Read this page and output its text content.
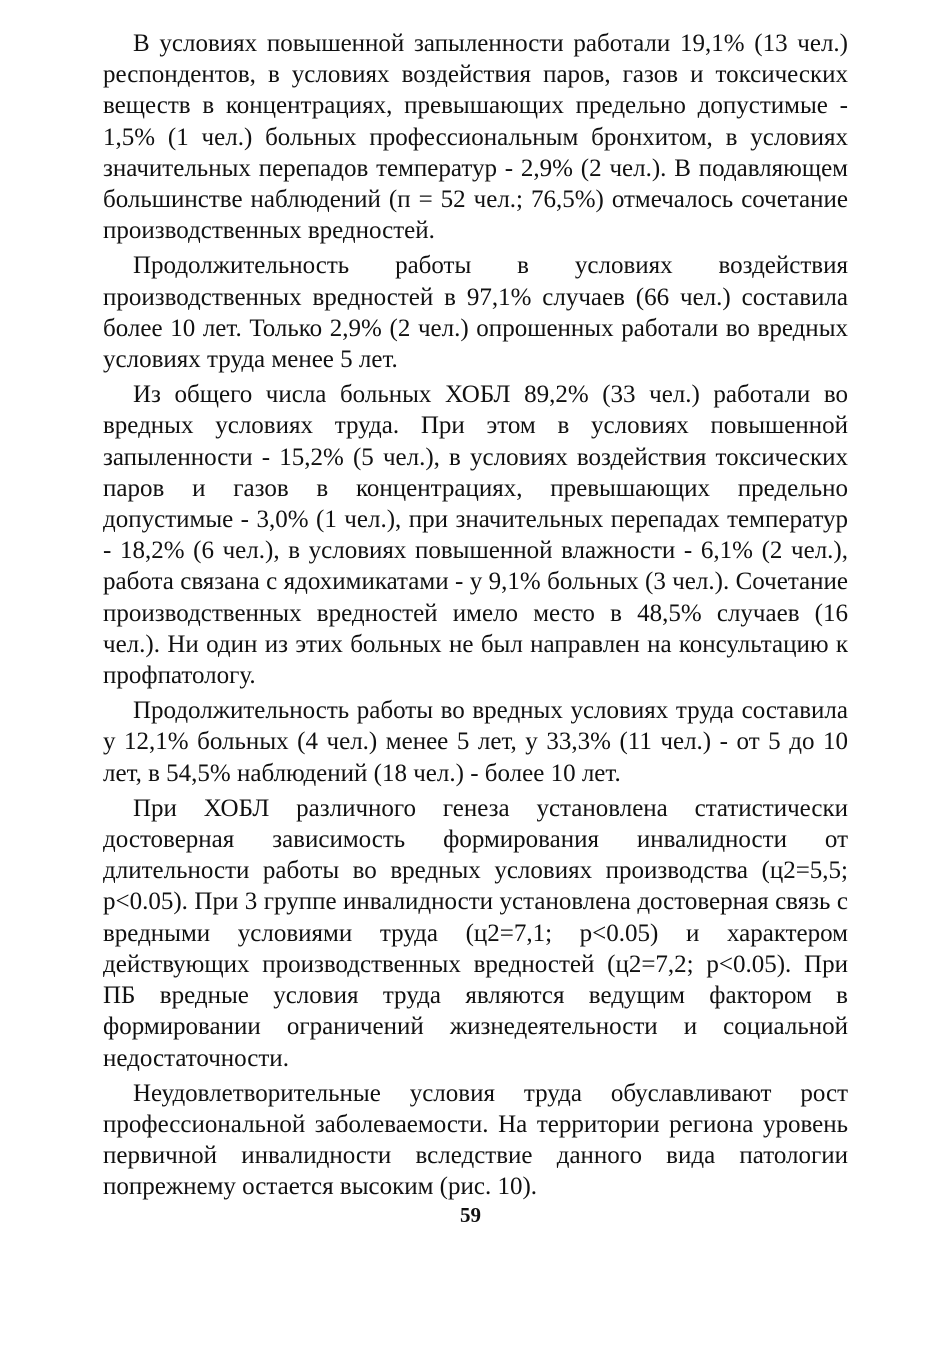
В условиях повышенной запыленности работали 19,1% (13 чел.) респондентов, в условиях воздействия паров, газов и токсических веществ в концентрациях, превышающих предельно допустимые - 1,5% (1 чел.) больных профессиональным бронхитом, в условиях значительных перепадов температур - 2,9% (2 чел.). В подавляющем большинстве наблюдений (п = 52 чел.; 76,5%) отмечалось сочетание производственных вредностей.

Продолжительность работы в условиях воздействия производственных вредностей в 97,1% случаев (66 чел.) составила более 10 лет. Только 2,9% (2 чел.) опрошенных работали во вредных условиях труда менее 5 лет.

Из общего числа больных ХОБЛ 89,2% (33 чел.) работали во вредных условиях труда. При этом в условиях повышенной запыленности - 15,2% (5 чел.), в условиях воздействия токсических паров и газов в концентрациях, превышающих предельно допустимые - 3,0% (1 чел.), при значительных перепадах температур - 18,2% (6 чел.), в условиях повышенной влажности - 6,1% (2 чел.), работа связана с ядохимикатами - у 9,1% больных (3 чел.). Сочетание производственных вредностей имело место в 48,5% случаев (16 чел.). Ни один из этих больных не был направлен на консультацию к профпатологу.

Продолжительность работы во вредных условиях труда составила у 12,1% больных (4 чел.) менее 5 лет, у 33,3% (11 чел.) - от 5 до 10 лет, в 54,5% наблюдений (18 чел.) - более 10 лет.

При ХОБЛ различного генеза установлена статистически достоверная зависимость формирования инвалидности от длительности работы во вредных условиях производства (ц2=5,5; р<0.05). При 3 группе инвалидности установлена достоверная связь с вредными условиями труда (ц2=7,1; р<0.05) и характером действующих производственных вредностей (ц2=7,2; р<0.05). При ПБ вредные условия труда являются ведущим фактором в формировании ограничений жизнедеятельности и социальной недостаточности.

Неудовлетворительные условия труда обуславливают рост профессиональной заболеваемости. На территории региона уровень первичной инвалидности вследствие данного вида патологии попрежнему остается высоким (рис. 10).

59
